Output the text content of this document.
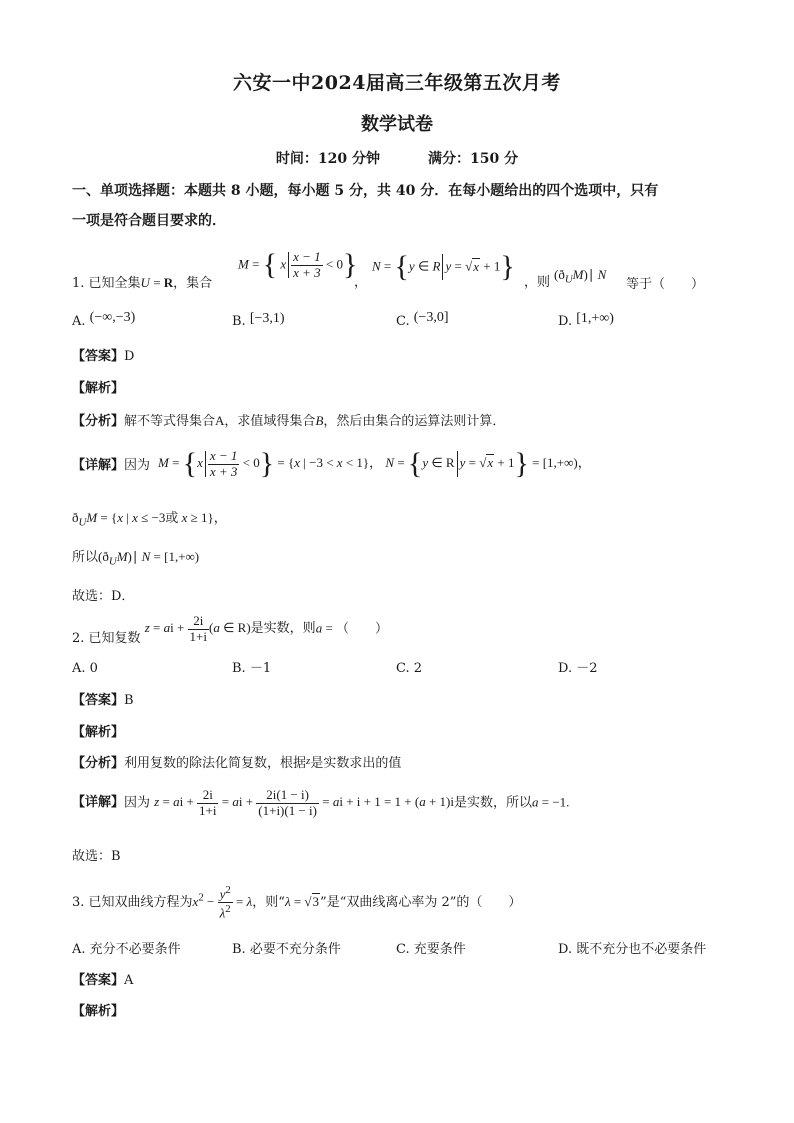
六安一中2024届高三年级第五次月考
数学试卷
时间：120 分钟	满分：150 分
一、单项选择题：本题共 8 小题，每小题 5 分，共 40 分．在每小题给出的四个选项中，只有
一项是符合题目要求的．
1. 已知全集U = R，集合
M = { x $\frac{x - 1}{x + 3} < 0$}
，
N = {y ∈ R y = √x + 1} ，则
$(ð_UM)∣$ N
等于（　　）
A. (−∞,−3)	B. [−3,1)	C. (−3,0]	D. [1,+∞)
【答案】D
【解析】
【分析】解不等式得集合A，求值域得集合B，然后由集合的运算法则计算．
【详解】因为 $M = \{x \frac{x - 1}{x + 3} < 0\} = \{x$ | −3 < x < 1}， N = {y ∈ R y = √x + 1} = [1,+∞)，
$ð_UM = \{x$ | x ≤ −3或 x ≥ 1}，
所以$(ð_UM)∣$ N = [1,+∞)
故选：D．
2. 已知复数 z = ai + $\frac{2i}{1+i} (a$ ∈ R)是实数，则a = （　　）
A. 0	B. －1	C. 2	D. －2
【答案】B
【解析】
【分析】利用复数的除法化简复数，根据$^z$是实数求出的值
【详解】因为 z = ai + $\frac{2i}{1+i}$ = ai + $\frac{2i(1 - i)}{(1+i)(1 - i)}$ = ai + i + 1 = 1 + (a + 1)i是实数，所以a = −1.
故选：B
3. 已知双曲线方程为$x^2 - \frac{y^2}{\lambda^2} = \lambda$，则“λ = √3”是“双曲线离心率为 2”的（　　）
A. 充分不必要条件	B. 必要不充分条件	C. 充要条件	D. 既不充分也不必要条件
【答案】A
【解析】
